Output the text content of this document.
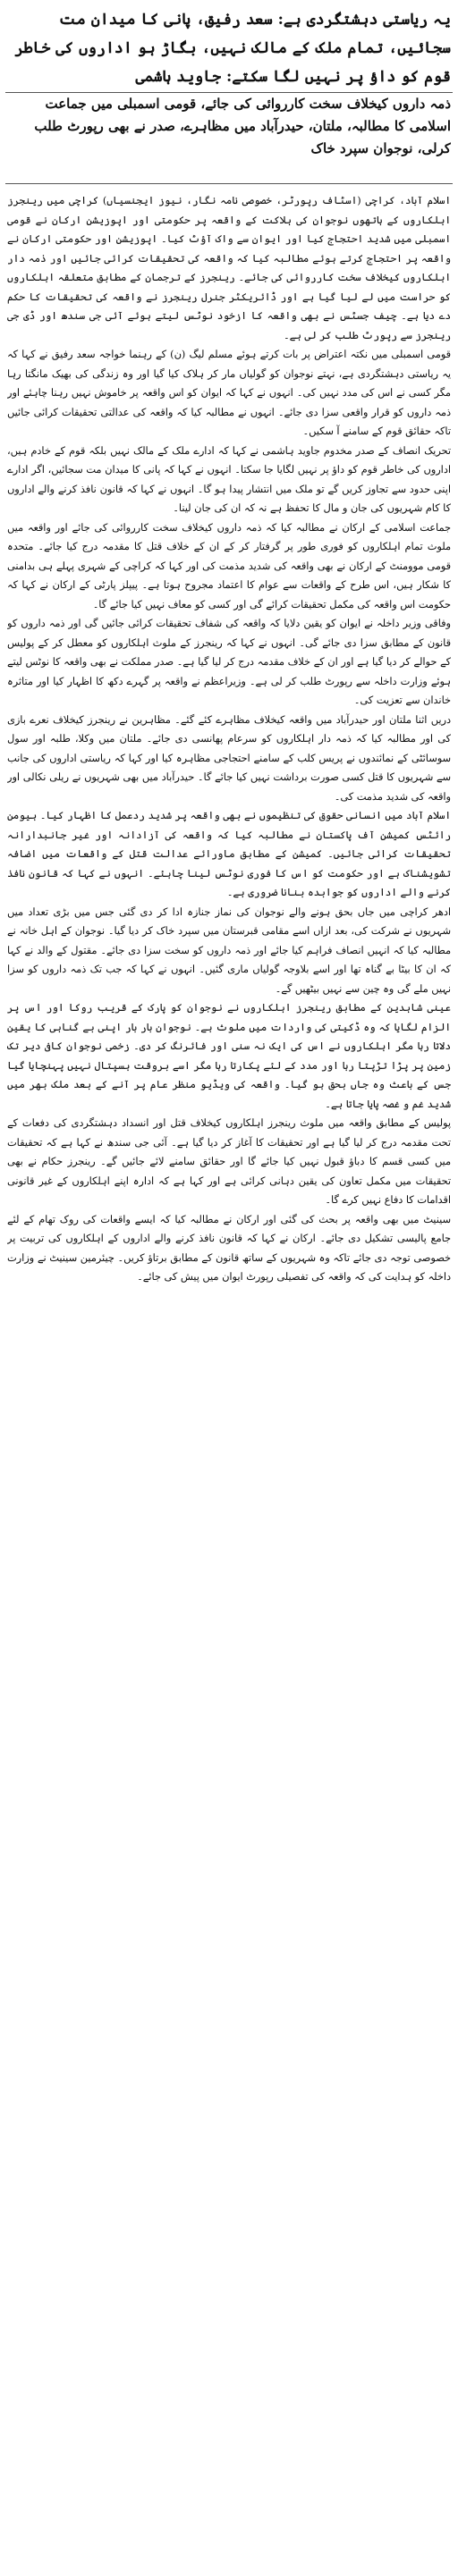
یہ ریاستی دہشتگردی ہے: سعد رفیق، پانی کا میدان مت سجائیں، تمام ملک کے مالک نہیں، بگاڑ ہو اداروں کی خاطر قوم کو داؤ پر نہیں لگا سکتے: جاوید ہاشمی
ذمہ داروں کیخلاف سخت کارروائی کی جائے، قومی اسمبلی میں جماعت ِاسلامی کا مطالبہ، ملتان، حیدرآباد میں مظاہرے، صدر نے بھی رپورٹ طلب کرلی، نوجوان سپرد خاک

اسلام آباد، کراچی (اسٹاف رپورٹر، خصوصی نامہ نگار، نیوز ایجنسیاں) کراچی میں رینجرز اہلکاروں کے ہاتھوں نوجوان کی ہلاکت کے واقعہ پر حکومتی اور اپوزیشن ارکان نے قومی اسمبلی میں شدید احتجاج کیا اور ایوان سے واک آؤٹ کیا۔ اپوزیشن اور حکومتی ارکان نے واقعہ پر احتجاج کرتے ہوئے مطالبہ کیا کہ واقعہ کی تحقیقات کرائی جائیں اور ذمہ دار اہلکاروں کیخلاف سخت کارروائی کی جائے۔ رینجرز کے ترجمان کے مطابق متعلقہ اہلکاروں کو حراست میں لے لیا گیا ہے اور ڈائریکٹر جنرل رینجرز نے واقعہ کی تحقیقات کا حکم دے دیا ہے۔ چیف جسٹس نے بھی واقعہ کا ازخود نوٹس لیتے ہوئے آئی جی سندھ اور ڈی جی رینجرز سے رپورٹ طلب کر لی ہے۔

قومی اسمبلی میں نکتہ اعتراض پر بات کرتے ہوئے مسلم لیگ (ن) کے رہنما خواجہ سعد رفیق نے کہا کہ یہ ریاستی دہشتگردی ہے، نہتے نوجوان کو گولیاں مار کر ہلاک کیا گیا اور وہ زندگی کی بھیک مانگتا رہا مگر کسی نے اس کی مدد نہیں کی۔ انہوں نے کہا کہ ایوان کو اس واقعہ پر خاموش نہیں رہنا چاہئے اور ذمہ داروں کو قرار واقعی سزا دی جائے۔ انہوں نے مطالبہ کیا کہ واقعہ کی عدالتی تحقیقات کرائی جائیں تاکہ حقائق قوم کے سامنے آ سکیں۔

تحریک انصاف کے صدر مخدوم جاوید ہاشمی نے کہا کہ ادارے ملک کے مالک نہیں بلکہ قوم کے خادم ہیں، اداروں کی خاطر قوم کو داؤ پر نہیں لگایا جا سکتا۔ انہوں نے کہا کہ پانی کا میدان مت سجائیں، اگر ادارے اپنی حدود سے تجاوز کریں گے تو ملک میں انتشار پیدا ہو گا۔ انہوں نے کہا کہ قانون نافذ کرنے والے اداروں کا کام شہریوں کی جان و مال کا تحفظ ہے نہ کہ ان کی جان لینا۔

جماعت اسلامی کے ارکان نے مطالبہ کیا کہ ذمہ داروں کیخلاف سخت کارروائی کی جائے اور واقعہ میں ملوث تمام اہلکاروں کو فوری طور پر گرفتار کر کے ان کے خلاف قتل کا مقدمہ درج کیا جائے۔ متحدہ قومی موومنٹ کے ارکان نے بھی واقعہ کی شدید مذمت کی اور کہا کہ کراچی کے شہری پہلے ہی بدامنی کا شکار ہیں، اس طرح کے واقعات سے عوام کا اعتماد مجروح ہوتا ہے۔ پیپلز پارٹی کے ارکان نے کہا کہ حکومت اس واقعہ کی مکمل تحقیقات کرائے گی اور کسی کو معاف نہیں کیا جائے گا۔

وفاقی وزیر داخلہ نے ایوان کو یقین دلایا کہ واقعہ کی شفاف تحقیقات کرائی جائیں گی اور ذمہ داروں کو قانون کے مطابق سزا دی جائے گی۔ انہوں نے کہا کہ رینجرز کے ملوث اہلکاروں کو معطل کر کے پولیس کے حوالے کر دیا گیا ہے اور ان کے خلاف مقدمہ درج کر لیا گیا ہے۔ صدر مملکت نے بھی واقعہ کا نوٹس لیتے ہوئے وزارت داخلہ سے رپورٹ طلب کر لی ہے۔ وزیراعظم نے واقعہ پر گہرے دکھ کا اظہار کیا اور متاثرہ خاندان سے تعزیت کی۔

دریں اثنا ملتان اور حیدرآباد میں واقعہ کیخلاف مظاہرے کئے گئے۔ مظاہرین نے رینجرز کیخلاف نعرے بازی کی اور مطالبہ کیا کہ ذمہ دار اہلکاروں کو سرعام پھانسی دی جائے۔ ملتان میں وکلا، طلبہ اور سول سوسائٹی کے نمائندوں نے پریس کلب کے سامنے احتجاجی مظاہرہ کیا اور کہا کہ ریاستی اداروں کی جانب سے شہریوں کا قتل کسی صورت برداشت نہیں کیا جائے گا۔ حیدرآباد میں بھی شہریوں نے ریلی نکالی اور واقعہ کی شدید مذمت کی۔

اسلام آباد میں انسانی حقوق کی تنظیموں نے بھی واقعہ پر شدید ردعمل کا اظہار کیا۔ ہیومن رائٹس کمیشن آف پاکستان نے مطالبہ کیا کہ واقعہ کی آزادانہ اور غیر جانبدارانہ تحقیقات کرائی جائیں۔ کمیشن کے مطابق ماورائے عدالت قتل کے واقعات میں اضافہ تشویشناک ہے اور حکومت کو اس کا فوری نوٹس لینا چاہئے۔ انہوں نے کہا کہ قانون نافذ کرنے والے اداروں کو جوابدہ بنانا ضروری ہے۔

ادھر کراچی میں جاں بحق ہونے والے نوجوان کی نماز جنازہ ادا کر دی گئی جس میں بڑی تعداد میں شہریوں نے شرکت کی، بعد ازاں اسے مقامی قبرستان میں سپرد خاک کر دیا گیا۔ نوجوان کے اہل خانہ نے مطالبہ کیا کہ انہیں انصاف فراہم کیا جائے اور ذمہ داروں کو سخت سزا دی جائے۔ مقتول کے والد نے کہا کہ ان کا بیٹا بے گناہ تھا اور اسے بلاوجہ گولیاں ماری گئیں۔ انہوں نے کہا کہ جب تک ذمہ داروں کو سزا نہیں ملے گی وہ چین سے نہیں بیٹھیں گے۔

عینی شاہدین کے مطابق رینجرز اہلکاروں نے نوجوان کو پارک کے قریب روکا اور اس پر الزام لگایا کہ وہ ڈکیتی کی واردات میں ملوث ہے۔ نوجوان بار بار اپنی بے گناہی کا یقین دلاتا رہا مگر اہلکاروں نے اس کی ایک نہ سنی اور فائرنگ کر دی۔ زخمی نوجوان کافی دیر تک زمین پر پڑا تڑپتا رہا اور مدد کے لئے پکارتا رہا مگر اسے بروقت ہسپتال نہیں پہنچایا گیا جس کے باعث وہ جاں بحق ہو گیا۔ واقعہ کی ویڈیو منظر عام پر آنے کے بعد ملک بھر میں شدید غم و غصہ پایا جاتا ہے۔

پولیس کے مطابق واقعہ میں ملوث رینجرز اہلکاروں کیخلاف قتل اور انسداد دہشتگردی کی دفعات کے تحت مقدمہ درج کر لیا گیا ہے اور تحقیقات کا آغاز کر دیا گیا ہے۔ آئی جی سندھ نے کہا ہے کہ تحقیقات میں کسی قسم کا دباؤ قبول نہیں کیا جائے گا اور حقائق سامنے لائے جائیں گے۔ رینجرز حکام نے بھی تحقیقات میں مکمل تعاون کی یقین دہانی کرائی ہے اور کہا ہے کہ ادارہ اپنے اہلکاروں کے غیر قانونی اقدامات کا دفاع نہیں کرے گا۔

سینیٹ میں بھی واقعہ پر بحث کی گئی اور ارکان نے مطالبہ کیا کہ ایسے واقعات کی روک تھام کے لئے جامع پالیسی تشکیل دی جائے۔ ارکان نے کہا کہ قانون نافذ کرنے والے اداروں کے اہلکاروں کی تربیت پر خصوصی توجہ دی جائے تاکہ وہ شہریوں کے ساتھ قانون کے مطابق برتاؤ کریں۔ چیئرمین سینیٹ نے وزارت داخلہ کو ہدایت کی کہ واقعہ کی تفصیلی رپورٹ ایوان میں پیش کی جائے۔
